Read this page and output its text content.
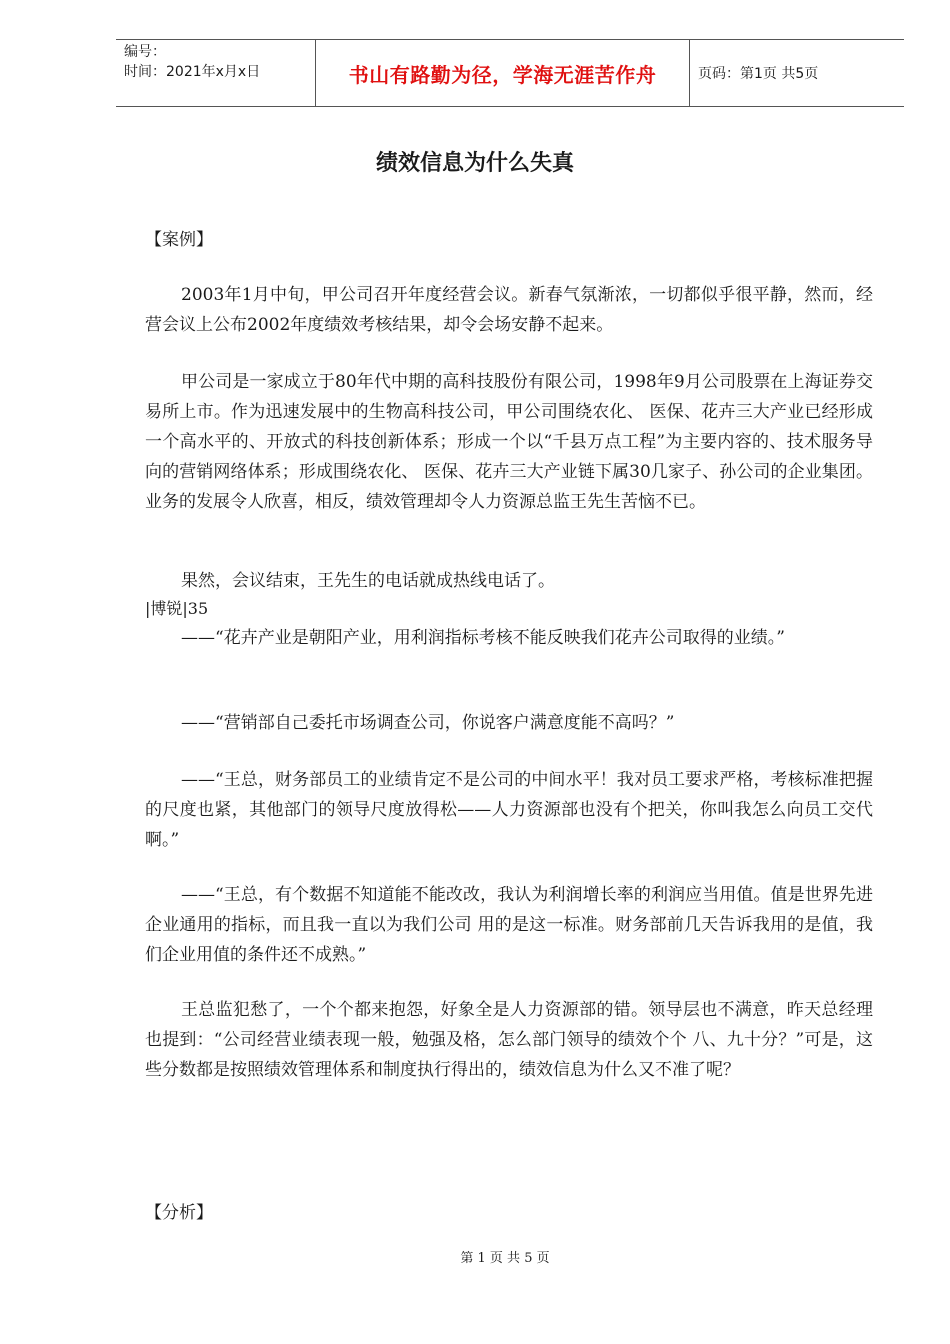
编号：
时间：2021年x月x日	书山有路勤为径，学海无涯苦作舟	页码：第1页 共5页
绩效信息为什么失真
【案例】

2003年1月中旬，甲公司召开年度经营会议。新春气氛渐浓，一切都似乎很平静，然而，经营会议上公布2002年度绩效考核结果，却令会场安静不起来。

甲公司是一家成立于80年代中期的高科技股份有限公司，1998年9月公司股票在上海证券交易所上市。作为迅速发展中的生物高科技公司，甲公司围绕农化、 医保、花卉三大产业已经形成一个高水平的、开放式的科技创新体系；形成一个以“千县万点工程”为主要内容的、技术服务导向的营销网络体系；形成围绕农化、 医保、花卉三大产业链下属30几家子、孙公司的企业集团。业务的发展令人欣喜，相反，绩效管理却令人力资源总监王先生苦恼不已。

果然，会议结束，王先生的电话就成热线电话了。

|博锐|35

——“花卉产业是朝阳产业，用利润指标考核不能反映我们花卉公司取得的业绩。”

——“营销部自己委托市场调查公司，你说客户满意度能不高吗？”

——“王总，财务部员工的业绩肯定不是公司的中间水平！我对员工要求严格，考核标准把握的尺度也紧，其他部门的领导尺度放得松——人力资源部也没有个把关，你叫我怎么向员工交代啊。”

——“王总，有个数据不知道能不能改改，我认为利润增长率的利润应当用值。值是世界先进企业通用的指标，而且我一直以为我们公司 用的是这一标准。财务部前几天告诉我用的是值，我们企业用值的条件还不成熟。”

王总监犯愁了，一个个都来抱怨，好象全是人力资源部的错。领导层也不满意，昨天总经理也提到：“公司经营业绩表现一般，勉强及格，怎么部门领导的绩效个个 八、九十分？”可是，这些分数都是按照绩效管理体系和制度执行得出的，绩效信息为什么又不准了呢？

【分析】
第 1 页 共 5 页
